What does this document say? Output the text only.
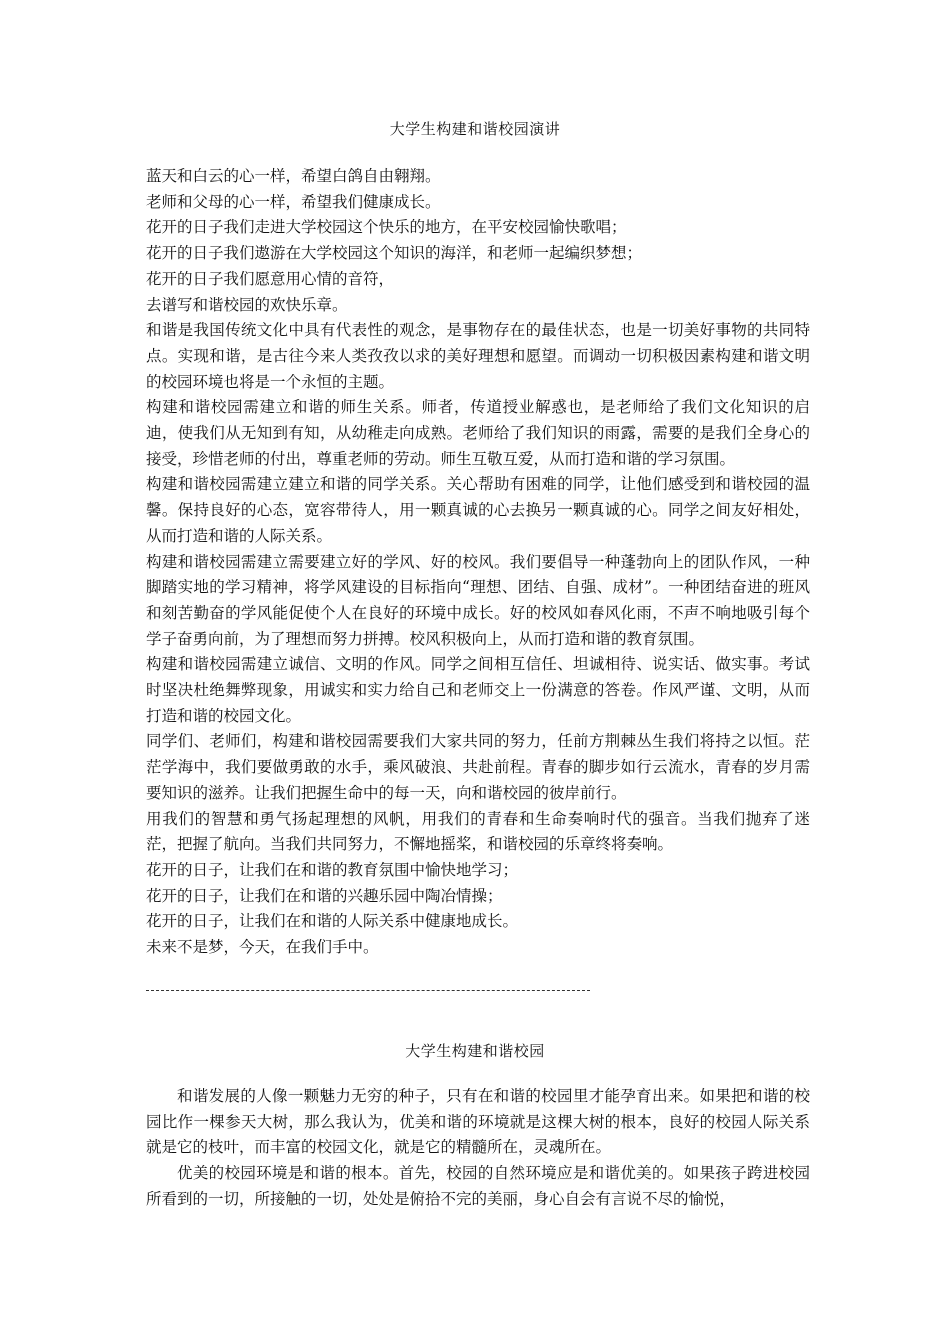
大学生构建和谐校园演讲

蓝天和白云的心一样，希望白鸽自由翱翔。

老师和父母的心一样，希望我们健康成长。

花开的日子我们走进大学校园这个快乐的地方，在平安校园愉快歌唱；

花开的日子我们遨游在大学校园这个知识的海洋，和老师一起编织梦想；

花开的日子我们愿意用心情的音符，

去谱写和谐校园的欢快乐章。

和谐是我国传统文化中具有代表性的观念，是事物存在的最佳状态，也是一切美好事物的共同特点。实现和谐，是古往今来人类孜孜以求的美好理想和愿望。而调动一切积极因素构建和谐文明的校园环境也将是一个永恒的主题。

构建和谐校园需建立和谐的师生关系。师者，传道授业解惑也，是老师给了我们文化知识的启迪，使我们从无知到有知，从幼稚走向成熟。老师给了我们知识的雨露，需要的是我们全身心的接受，珍惜老师的付出，尊重老师的劳动。师生互敬互爱，从而打造和谐的学习氛围。

构建和谐校园需建立建立和谐的同学关系。关心帮助有困难的同学，让他们感受到和谐校园的温馨。保持良好的心态，宽容带待人，用一颗真诚的心去换另一颗真诚的心。同学之间友好相处，从而打造和谐的人际关系。

构建和谐校园需建立需要建立好的学风、好的校风。我们要倡导一种蓬勃向上的团队作风，一种脚踏实地的学习精神，将学风建设的目标指向“理想、团结、自强、成材”。一种团结奋进的班风和刻苦勤奋的学风能促使个人在良好的环境中成长。好的校风如春风化雨，不声不响地吸引每个学子奋勇向前，为了理想而努力拼搏。校风积极向上，从而打造和谐的教育氛围。

构建和谐校园需建立诚信、文明的作风。同学之间相互信任、坦诚相待、说实话、做实事。考试时坚决杜绝舞弊现象，用诚实和实力给自己和老师交上一份满意的答卷。作风严谨、文明，从而打造和谐的校园文化。

同学们、老师们，构建和谐校园需要我们大家共同的努力，任前方荆棘丛生我们将持之以恒。茫茫学海中，我们要做勇敢的水手，乘风破浪、共赴前程。青春的脚步如行云流水，青春的岁月需要知识的滋养。让我们把握生命中的每一天，向和谐校园的彼岸前行。

用我们的智慧和勇气扬起理想的风帆，用我们的青春和生命奏响时代的强音。当我们抛弃了迷茫，把握了航向。当我们共同努力，不懈地摇桨，和谐校园的乐章终将奏响。

花开的日子，让我们在和谐的教育氛围中愉快地学习；

花开的日子，让我们在和谐的兴趣乐园中陶冶情操；

花开的日子，让我们在和谐的人际关系中健康地成长。

未来不是梦，今天，在我们手中。

大学生构建和谐校园

和谐发展的人像一颗魅力无穷的种子，只有在和谐的校园里才能孕育出来。如果把和谐的校园比作一棵参天大树，那么我认为，优美和谐的环境就是这棵大树的根本，良好的校园人际关系就是它的枝叶，而丰富的校园文化，就是它的精髓所在，灵魂所在。

优美的校园环境是和谐的根本。首先，校园的自然环境应是和谐优美的。如果孩子跨进校园所看到的一切，所接触的一切，处处是俯拾不完的美丽，身心自会有言说不尽的愉悦，
